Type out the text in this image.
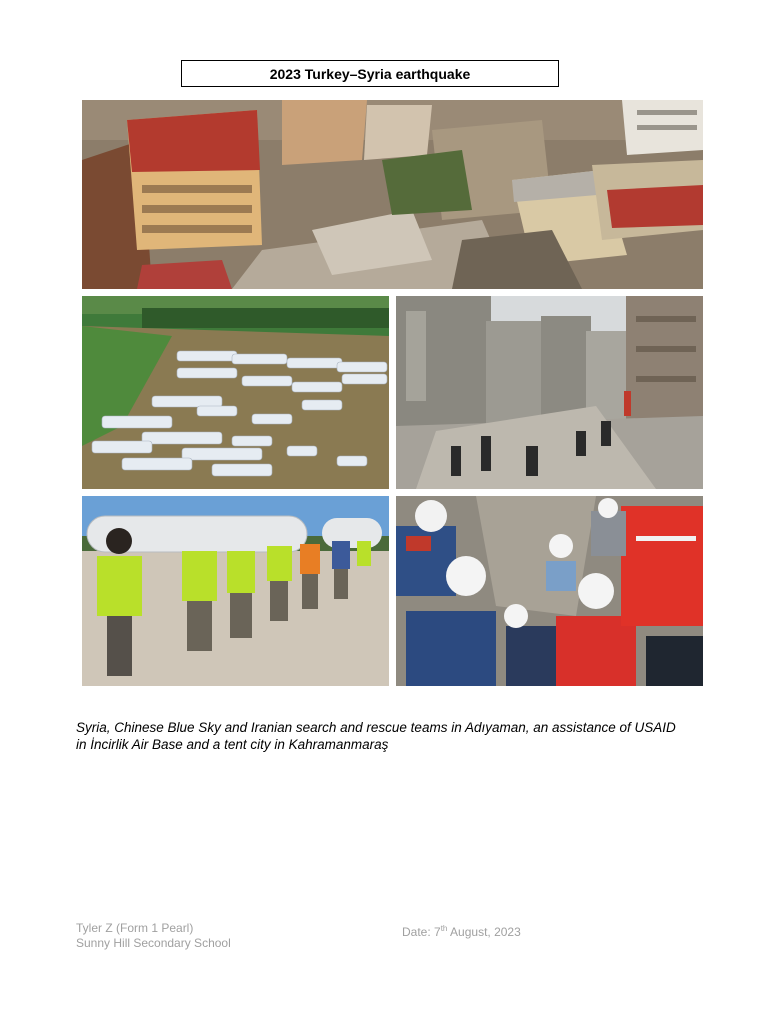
2023 Turkey–Syria earthquake

Syria, Chinese Blue Sky and Iranian search and rescue teams in Adıyaman, an assistance of USAID in İncirlik Air Base and a tent city in Kahramanmaraş

Tyler Z (Form 1 Pearl)
Sunny Hill Secondary School
Date: 7th August, 2023
